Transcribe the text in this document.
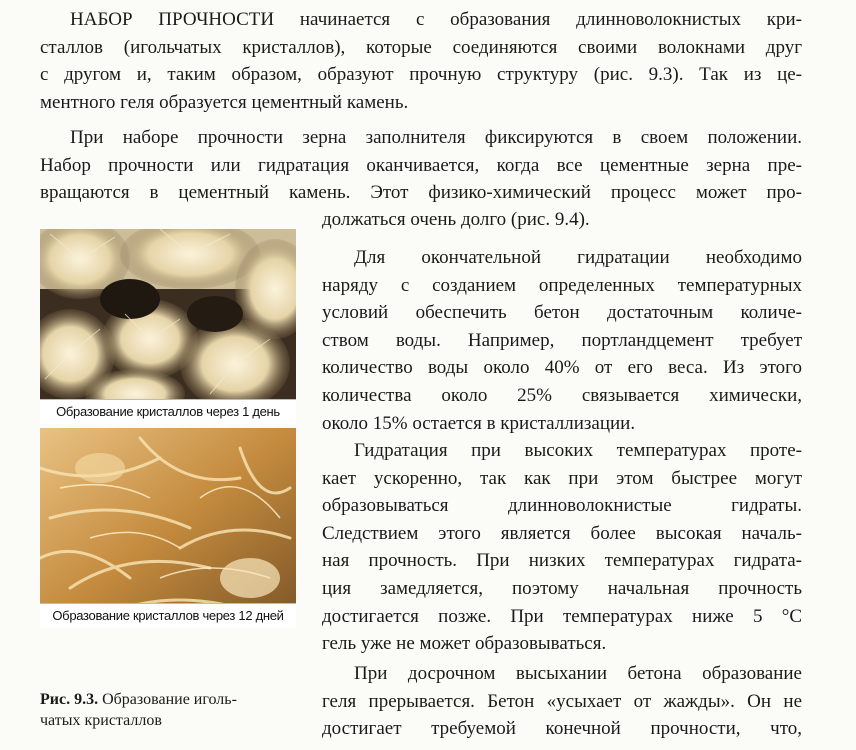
НАБОР ПРОЧНОСТИ начинается с образования длинноволокнистых кри-
сталлов (игольчатых кристаллов), которые соединяются своими волокнами друг
с другом и, таким образом, образуют прочную структуру (рис. 9.3). Так из це-
ментного геля образуется цементный камень.
При наборе прочности зерна заполнителя фиксируются в своем положении.
Набор прочности или гидратация оканчивается, когда все цементные зерна пре-
вращаются в цементный камень. Этот физико-химический процесс может про-
должаться очень долго (рис. 9.4).
Для окончательной гидратации необходимо
наряду с созданием определенных температурных
условий обеспечить бетон достаточным количе-
ством воды. Например, портландцемент требует
количество воды около 40% от его веса. Из этого
количества около 25% связывается химически,
около 15% остается в кристаллизации.
Гидратация при высоких температурах проте-
кает ускоренно, так как при этом быстрее могут
образовываться длинноволокнистые гидраты.
Следствием этого является более высокая началь-
ная прочность. При низких температурах гидрата-
ция замедляется, поэтому начальная прочность
достигается позже. При температурах ниже 5 °С
гель уже не может образовываться.
При досрочном высыхании бетона образование
геля прерывается. Бетон «усыхает от жажды». Он не
достигает требуемой конечной прочности, что,
Образование кристаллов через 1 день
Образование кристаллов через 12 дней
Рис. 9.3. Образование иголь-
чатых кристаллов
